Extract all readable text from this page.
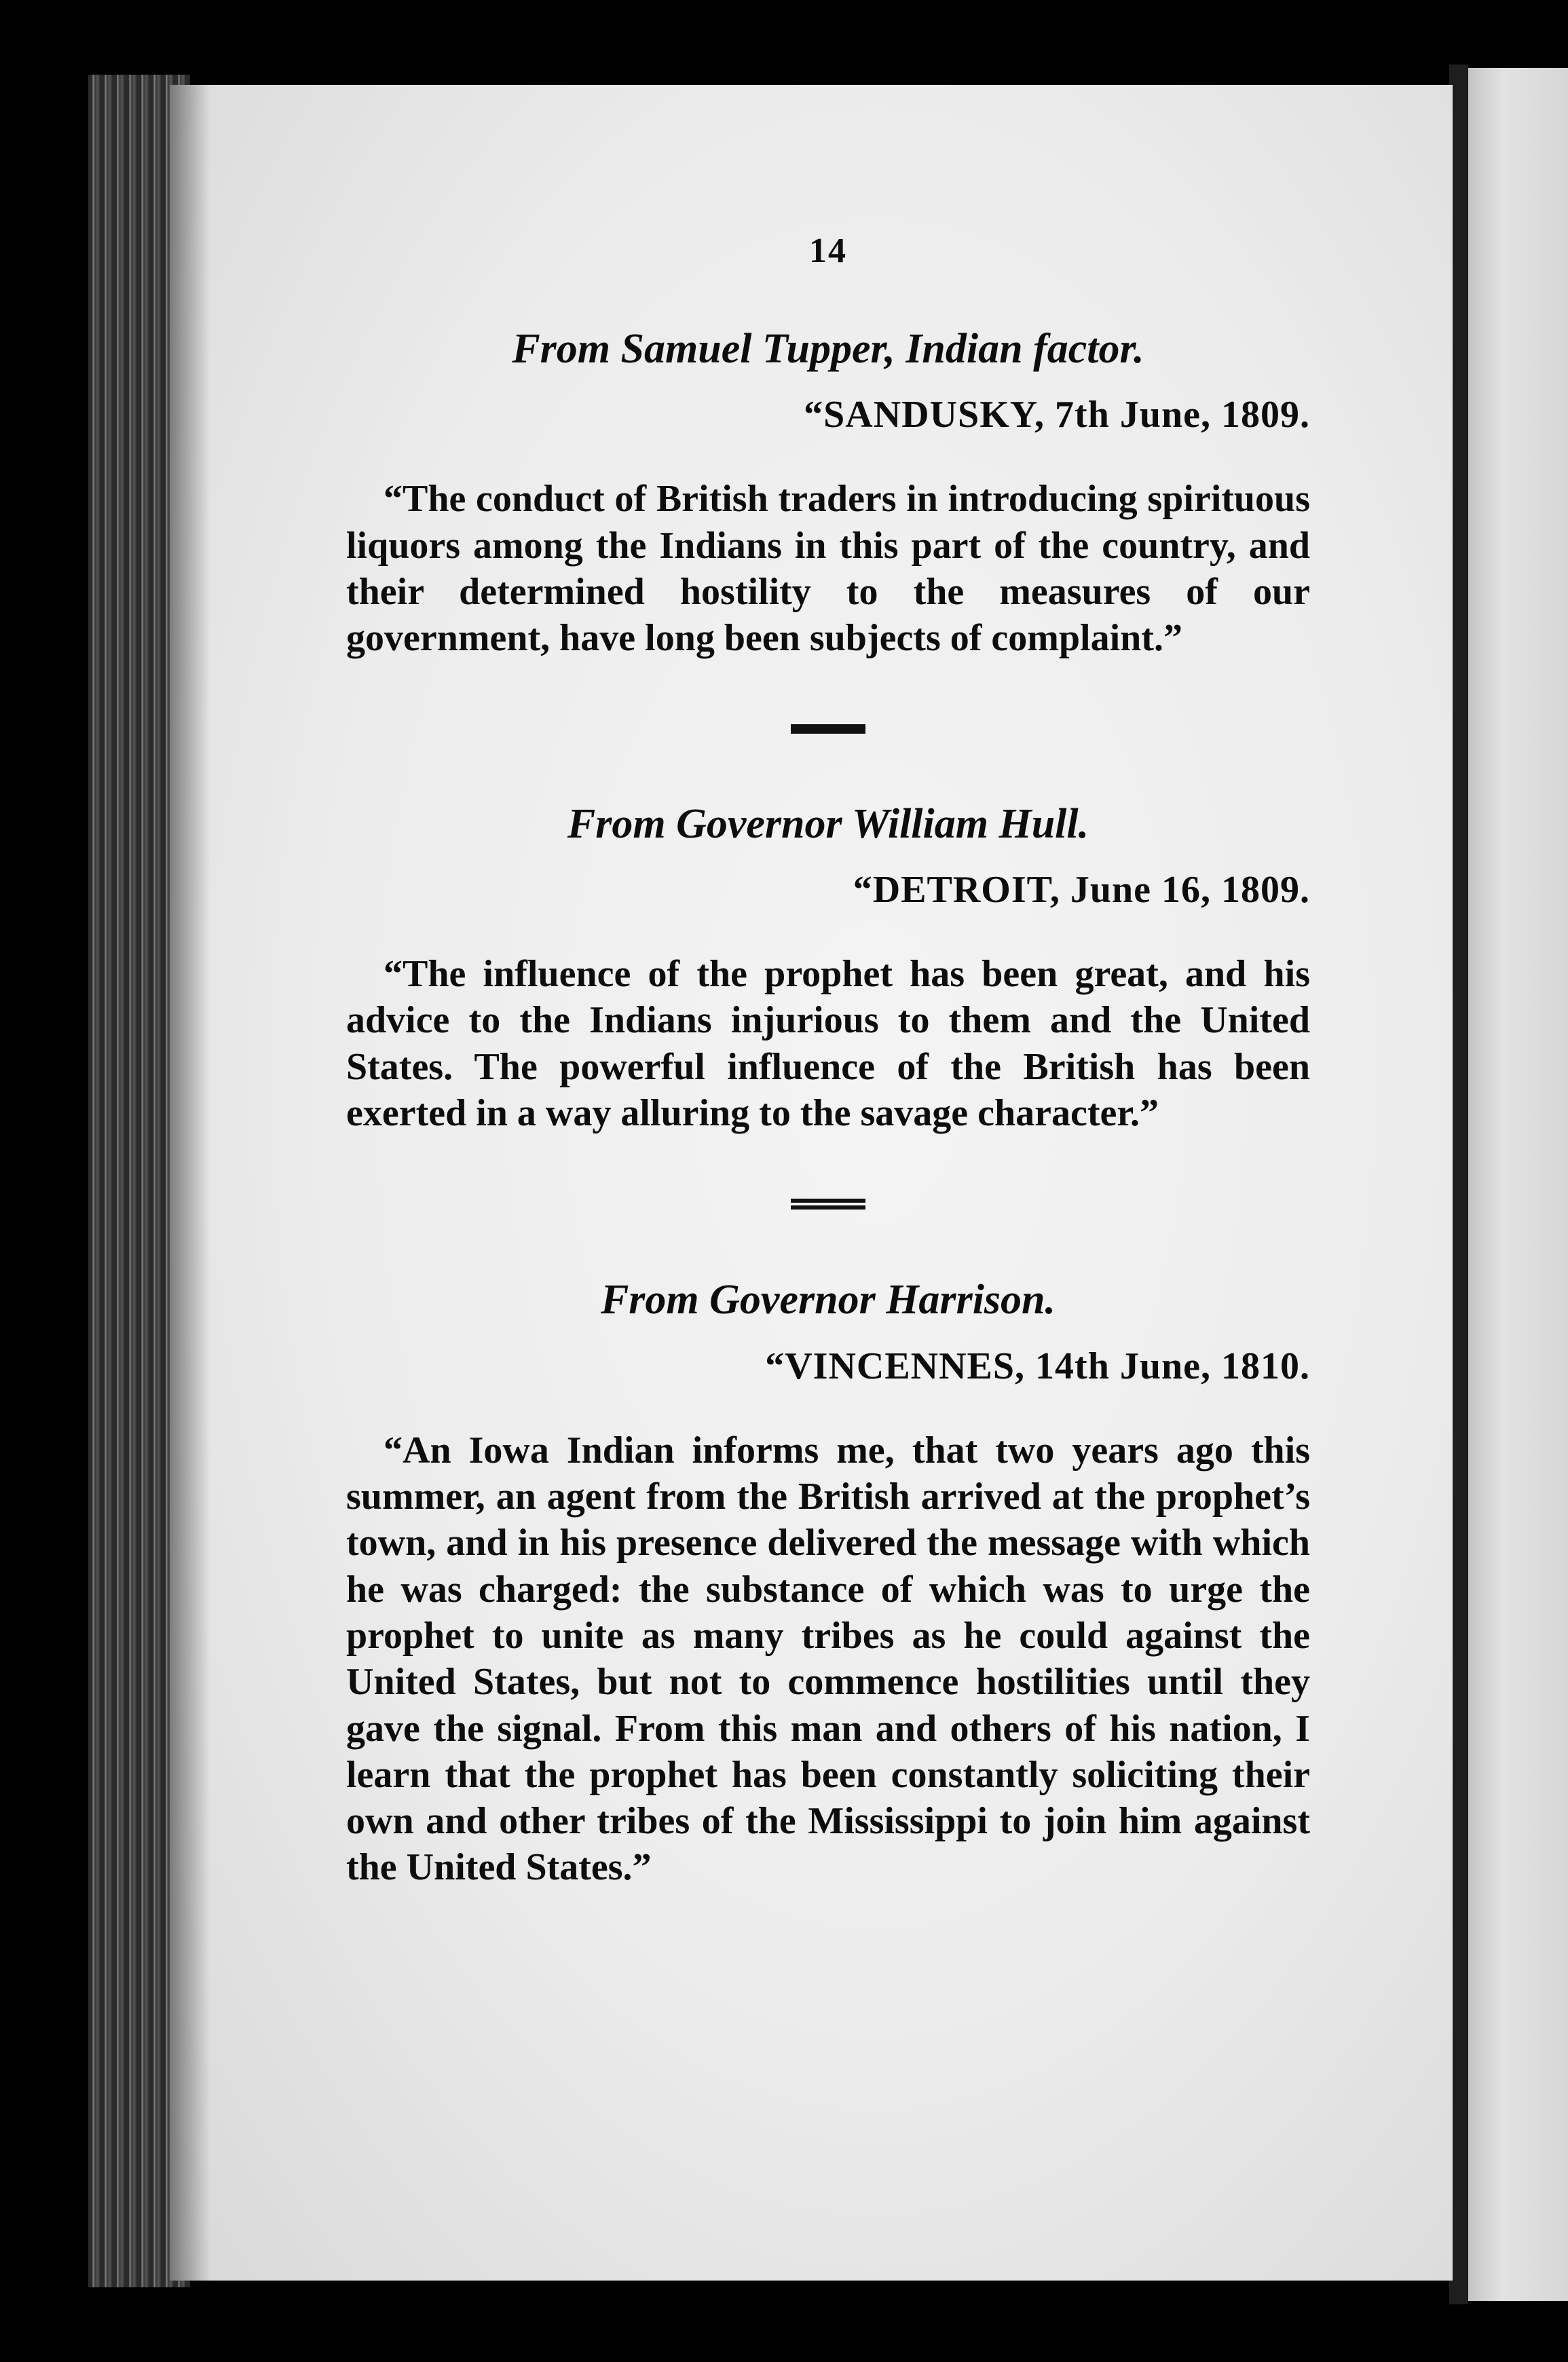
14
From Samuel Tupper, Indian factor.
“SANDUSKY, 7th June, 1809.

“The conduct of British traders in introducing spirituous liquors among the Indians in this part of the country, and their determined hostility to the measures of our government, have long been subjects of complaint.”

From Governor William Hull.
“DETROIT, June 16, 1809.

“The influence of the prophet has been great, and his advice to the Indians injurious to them and the United States. The powerful influence of the British has been exerted in a way alluring to the savage character.”

From Governor Harrison.
“VINCENNES, 14th June, 1810.

“An Iowa Indian informs me, that two years ago this summer, an agent from the British arrived at the prophet’s town, and in his presence delivered the message with which he was charged: the substance of which was to urge the prophet to unite as many tribes as he could against the United States, but not to commence hostilities until they gave the signal. From this man and others of his nation, I learn that the prophet has been constantly soliciting their own and other tribes of the Mississippi to join him against the United States.”
